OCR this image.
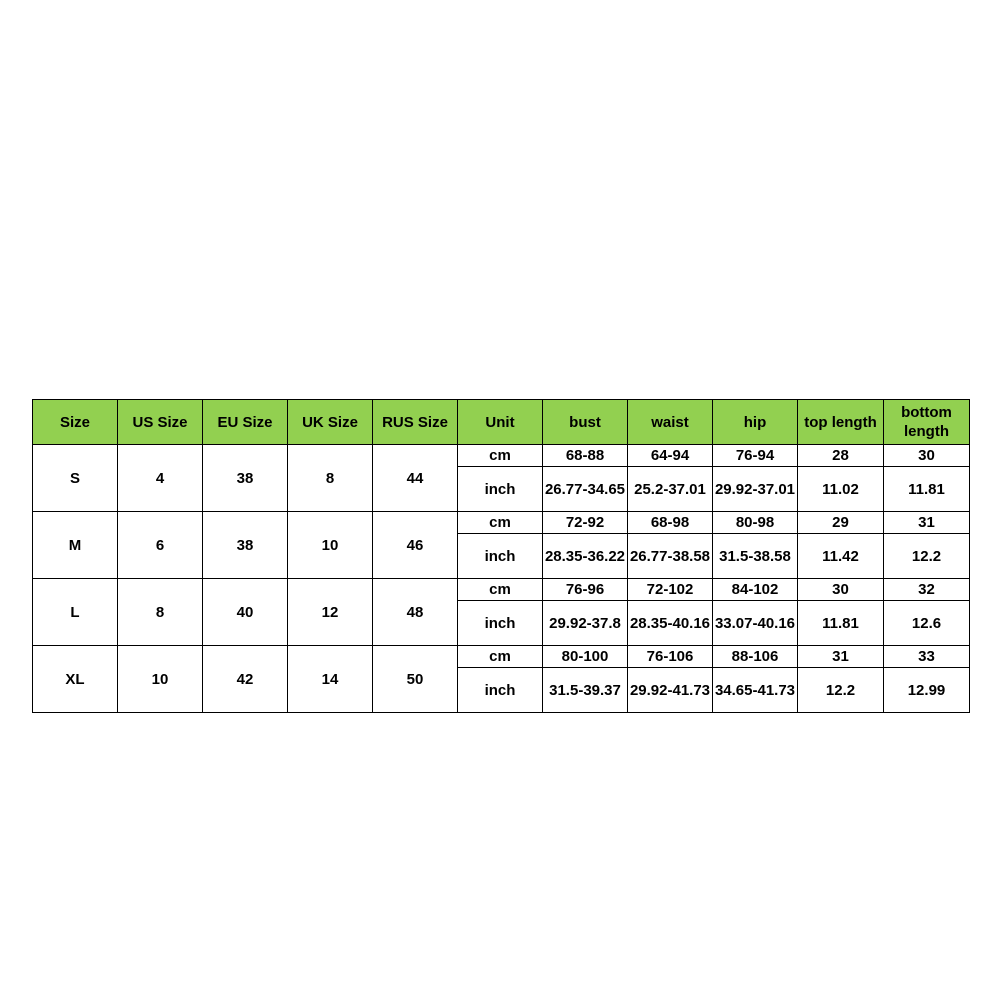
Size	US Size	EU Size	UK Size	RUS Size	Unit	bust	waist	hip	top length	bottom length
S	4	38	8	44	cm	68-88	64-94	76-94	28	30
					inch	26.77-34.65	25.2-37.01	29.92-37.01	11.02	11.81
M	6	38	10	46	cm	72-92	68-98	80-98	29	31
					inch	28.35-36.22	26.77-38.58	31.5-38.58	11.42	12.2
L	8	40	12	48	cm	76-96	72-102	84-102	30	32
					inch	29.92-37.8	28.35-40.16	33.07-40.16	11.81	12.6
XL	10	42	14	50	cm	80-100	76-106	88-106	31	33
					inch	31.5-39.37	29.92-41.73	34.65-41.73	12.2	12.99
